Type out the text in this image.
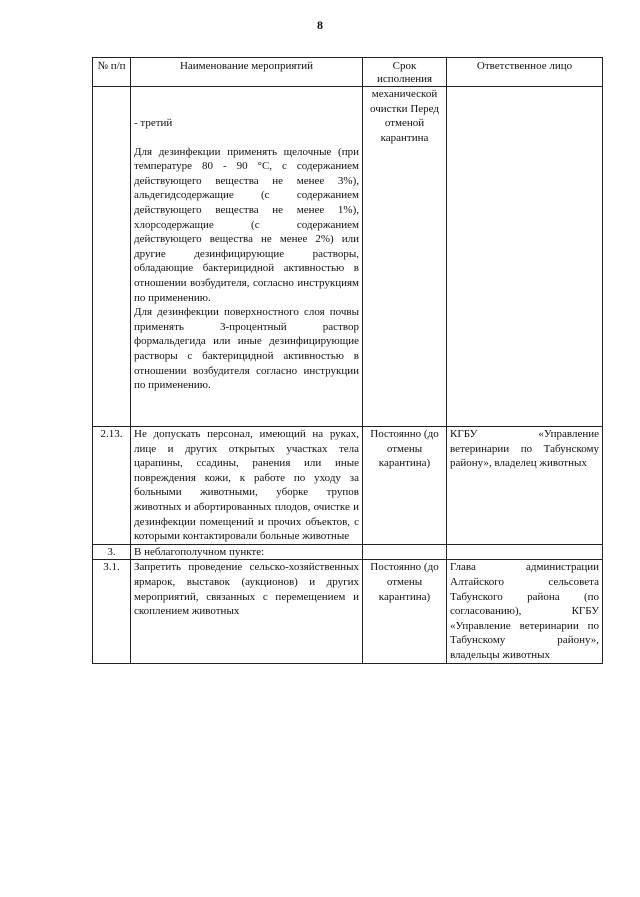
8
№ п/п	Наименование мероприятий	Срок исполнения	Ответственное лицо

	- третий

Для дезинфекции применять щелочные (при температуре 80 - 90 °С, с содержанием действующего вещества не менее 3%), альдегидсодержащие (с содержанием действующего вещества не менее 1%), хлорсодержащие (с содержанием действующего вещества не менее 2%) или другие дезинфицирующие растворы, обладающие бактерицидной активностью в отношении возбудителя, согласно инструкциям по применению.

Для дезинфекции поверхностного слоя почвы применять 3-процентный раствор формальдегида или иные дезинфицирующие растворы с бактерицидной активностью в отношении возбудителя согласно инструкции по применению.	механической очистки Перед отменой карантина	
2.13.	Не допускать персонал, имеющий на руках, лице и других открытых участках тела царапины, ссадины, ранения или иные повреждения кожи, к работе по уходу за больными животными, уборке трупов животных и абортированных плодов, очистке и дезинфекции помещений и прочих объектов, с которыми контактировали больные животные	Постоянно (до отмены карантина)	КГБУ «Управление ветеринарии по Табунскому району», владелец животных
3.	В неблагополучном пункте:		
3.1.	Запретить проведение сельско-хозяйственных ярмарок, выставок (аукционов) и других мероприятий, связанных с перемещением и скоплением животных	Постоянно (до отмены карантина)	Глава администрации Алтайского сельсовета Табунского района (по согласованию), КГБУ «Управление ветеринарии по Табунскому району», владельцы животных
